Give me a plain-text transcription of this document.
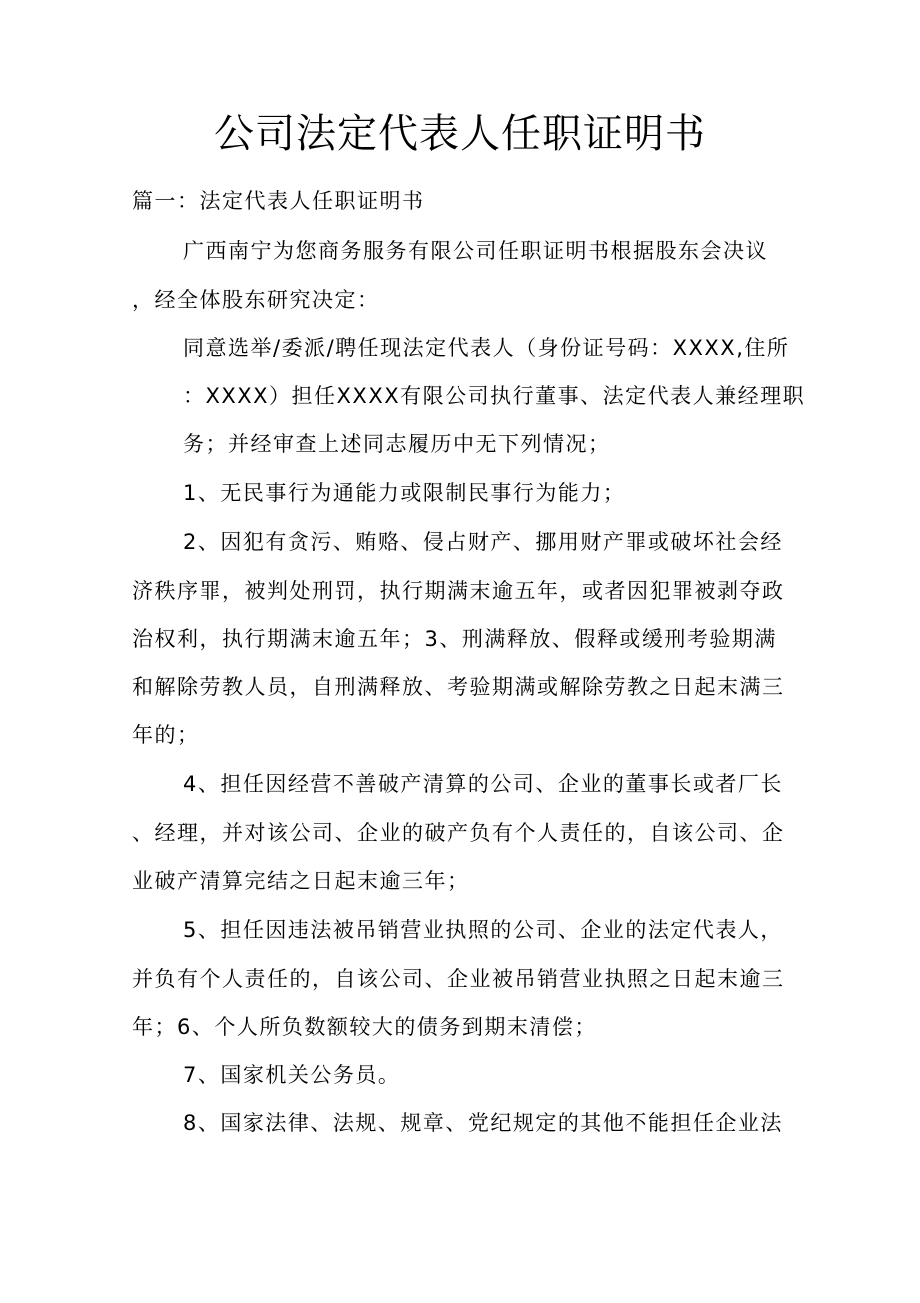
公司法定代表人任职证明书
篇一：法定代表人任职证明书
广西南宁为您商务服务有限公司任职证明书根据股东会决议
，经全体股东研究决定：
同意选举/委派/聘任现法定代表人（身份证号码：XXXX,住所
：XXXX）担任XXXX有限公司执行董事、法定代表人兼经理职
务；并经审查上述同志履历中无下列情况；
1、无民事行为通能力或限制民事行为能力；
2、因犯有贪污、贿赂、侵占财产、挪用财产罪或破坏社会经
济秩序罪，被判处刑罚，执行期满末逾五年，或者因犯罪被剥夺政
治权利，执行期满末逾五年；3、刑满释放、假释或缓刑考验期满
和解除劳教人员，自刑满释放、考验期满或解除劳教之日起末满三
年的；
4、担任因经营不善破产清算的公司、企业的董事长或者厂长
、经理，并对该公司、企业的破产负有个人责任的，自该公司、企
业破产清算完结之日起末逾三年；
5、担任因违法被吊销营业执照的公司、企业的法定代表人，
并负有个人责任的，自该公司、企业被吊销营业执照之日起末逾三
年；6、个人所负数额较大的债务到期末清偿；
7、国家机关公务员。
8、国家法律、法规、规章、党纪规定的其他不能担任企业法
